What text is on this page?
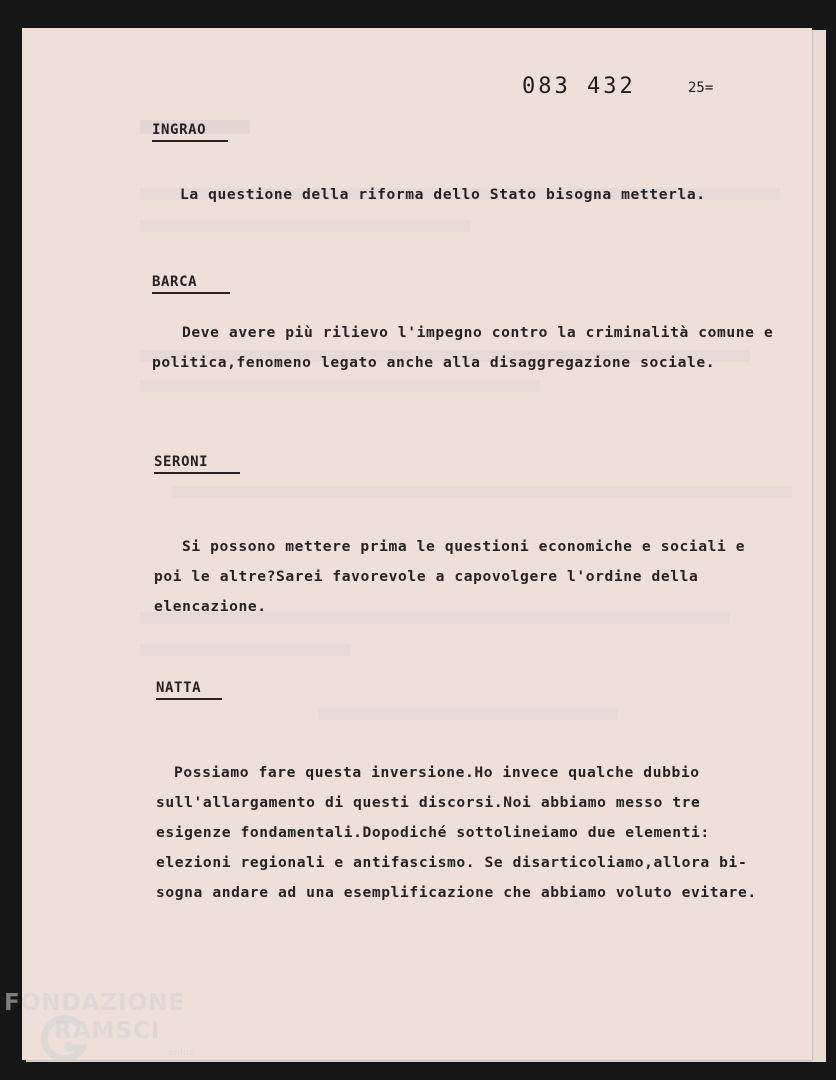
083 432	25=
INGRAO
La questione della riforma dello Stato bisogna metterla.
BARCA
Deve avere più rilievo l'impegno contro la criminalità comune e
politica,fenomeno legato anche alla disaggregazione sociale.
SERONI
Si possono mettere prima le questioni economiche e sociali e
poi le altre?Sarei favorevole a capovolgere l'ordine della
elencazione.
NATTA
Possiamo fare questa inversione.Ho invece qualche dubbio
sull'allargamento di questi discorsi.Noi abbiamo messo tre
esigenze fondamentali.Dopodiché sottolineiamo due elementi:
elezioni regionali e antifascismo. Se disarticoliamo,allora bi-
sogna andare ad una esemplificazione che abbiamo voluto evitare.
FONDAZIONE
RAMSCI
onlus
